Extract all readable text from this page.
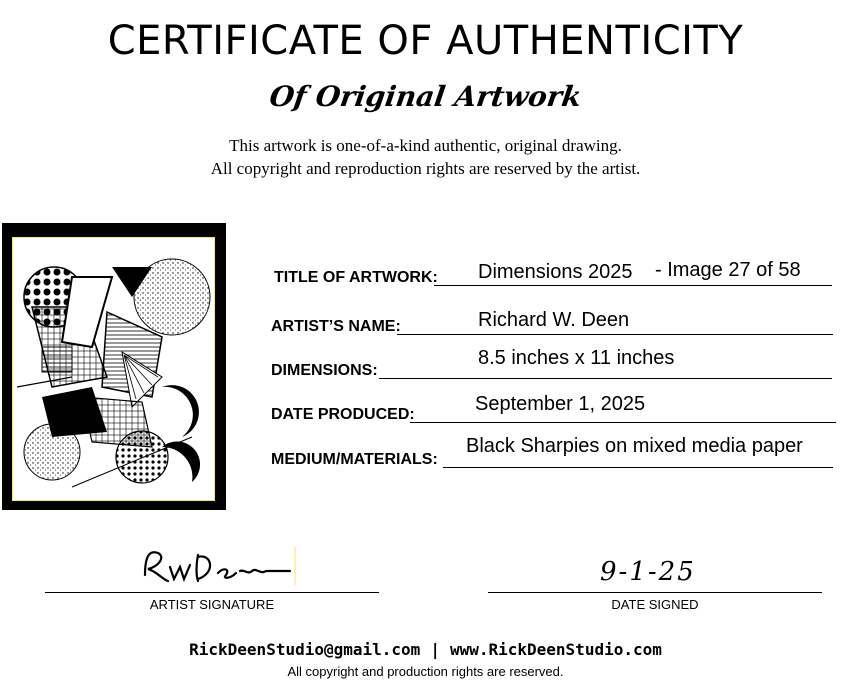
CERTIFICATE OF AUTHENTICITY
Of Original Artwork
This artwork is one-of-a-kind authentic, original drawing.
All copyright and reproduction rights are reserved by the artist.
TITLE OF ARTWORK: Dimensions 2025 - Image 27 of 58
ARTIST’S NAME:	Richard W. Deen
DIMENSIONS:
8.5 inches x 11 inches
DATE PRODUCED:	September 1, 2025
MEDIUM/MATERIALS:
Black Sharpies on mixed media paper
ARTIST SIGNATURE
9-1-25
DATE SIGNED
RickDeenStudio@gmail.com | www.RickDeenStudio.com
All copyright and production rights are reserved.
